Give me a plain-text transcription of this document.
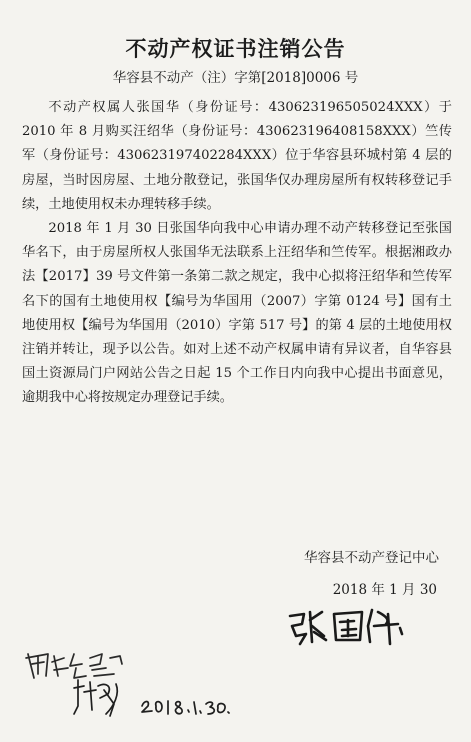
不动产权证书注销公告
华容县不动产（注）字第[2018]0006 号

不动产权属人张国华（身份证号：430623196505024XXX）于 2010 年 8 月购买汪绍华（身份证号：430623196408158XXX）竺传军（身份证号：430623197402284XXX）位于华容县环城村第 4 层的房屋，当时因房屋、土地分散登记，张国华仅办理房屋所有权转移登记手续，土地使用权未办理转移手续。

2018 年 1 月 30 日张国华向我中心申请办理不动产转移登记至张国华名下，由于房屋所权人张国华无法联系上汪绍华和竺传军。根据湘政办法【2017】39 号文件第一条第二款之规定，我中心拟将汪绍华和竺传军名下的国有土地使用权【编号为华国用（2007）字第 0124 号】国有土地使用权【编号为华国用（2010）字第 517 号】的第 4 层的土地使用权注销并转让，现予以公告。如对上述不动产权属申请有异议者，自华容县国土资源局门户网站公告之日起 15 个工作日内向我中心提出书面意见，逾期我中心将按规定办理登记手续。

华容县不动产登记中心
2018 年 1 月 30
